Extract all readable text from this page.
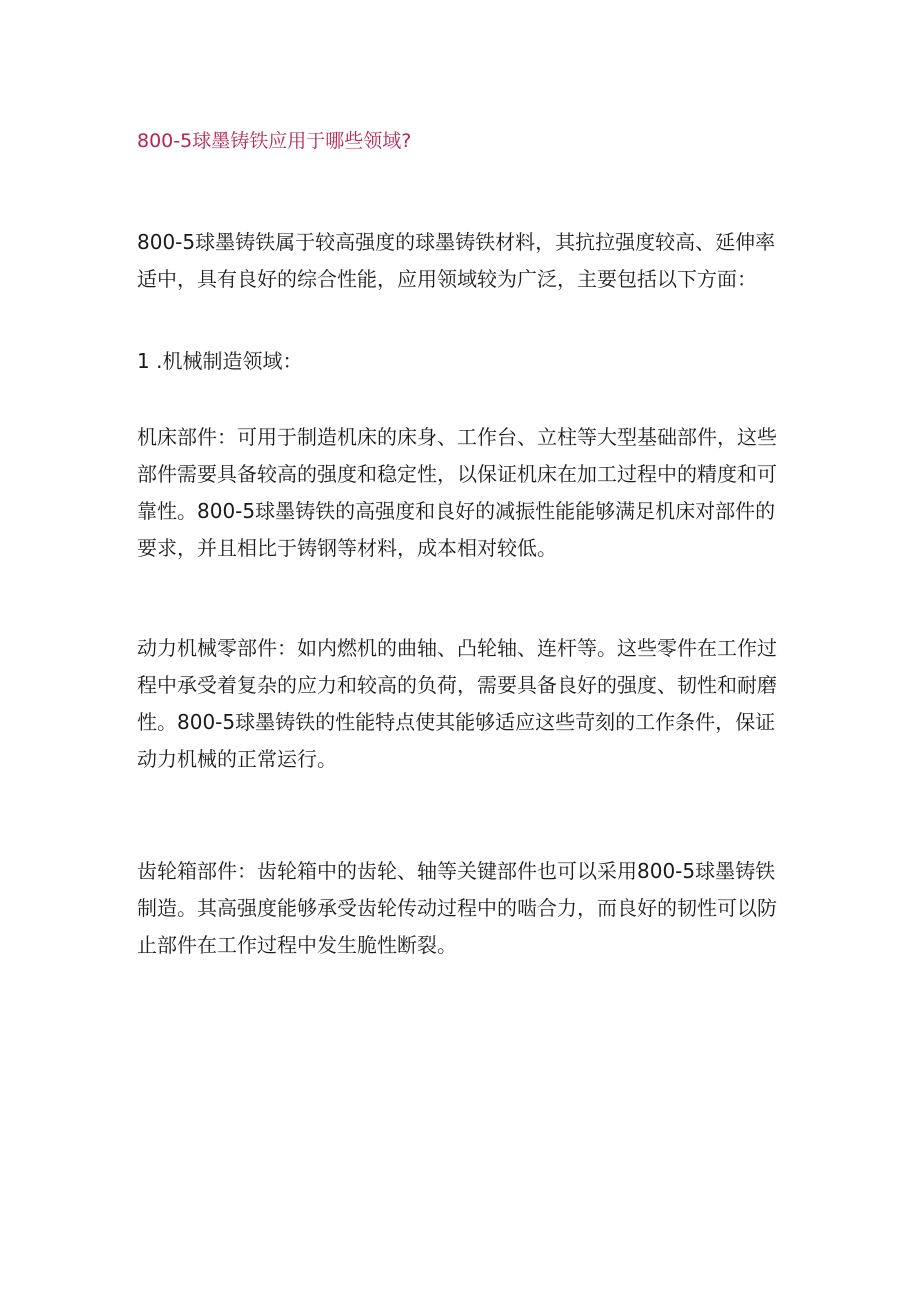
800-5球墨铸铁应用于哪些领域?

800-5球墨铸铁属于较高强度的球墨铸铁材料，其抗拉强度较高、延伸率适中，具有良好的综合性能，应用领域较为广泛，主要包括以下方面：

1 .机械制造领域：

机床部件：可用于制造机床的床身、工作台、立柱等大型基础部件，这些部件需要具备较高的强度和稳定性，以保证机床在加工过程中的精度和可靠性。800-5球墨铸铁的高强度和良好的减振性能能够满足机床对部件的要求，并且相比于铸钢等材料，成本相对较低。

动力机械零部件：如内燃机的曲轴、凸轮轴、连杆等。这些零件在工作过程中承受着复杂的应力和较高的负荷，需要具备良好的强度、韧性和耐磨性。800-5球墨铸铁的性能特点使其能够适应这些苛刻的工作条件，保证动力机械的正常运行。

齿轮箱部件：齿轮箱中的齿轮、轴等关键部件也可以采用800-5球墨铸铁制造。其高强度能够承受齿轮传动过程中的啮合力，而良好的韧性可以防止部件在工作过程中发生脆性断裂。
